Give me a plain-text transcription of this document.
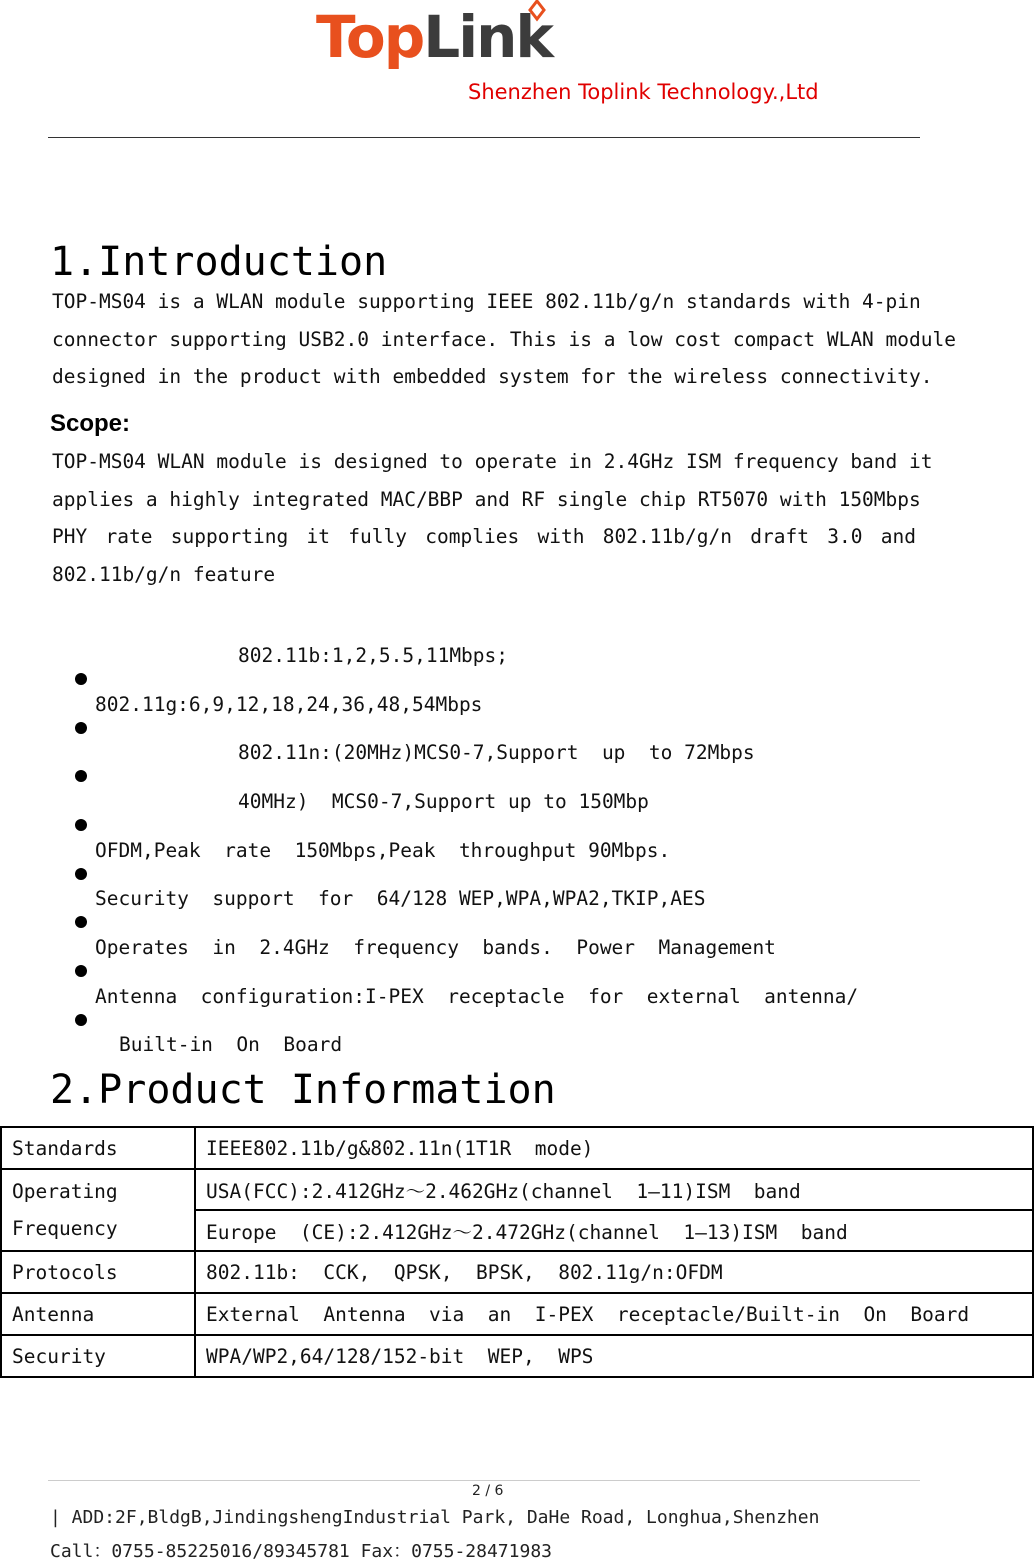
TopLink
Shenzhen Toplink Technology.,Ltd
1.Introduction
TOP-MS04 is a WLAN module supporting IEEE 802.11b/g/n standards with 4-pin
connector supporting USB2.0 interface. This is a low cost compact WLAN module
designed in the product with embedded system for the wireless connectivity.
Scope:
TOP-MS04 WLAN module is designed to operate in 2.4GHz ISM frequency band it
applies a highly integrated MAC/BBP and RF single chip RT5070 with 150Mbps
PHY rate supporting it fully complies with 802.11b/g/n draft 3.0 and
802.11b/g/n feature

802.11b:1,2,5.5,11Mbps;

802.11g:6,9,12,18,24,36,48,54Mbps

802.11n:(20MHz)MCS0-7,Support  up  to 72Mbps

40MHz)  MCS0-7,Support up to 150Mbp

OFDM,Peak  rate  150Mbps,Peak  throughput 90Mbps.

Security  support  for  64/128 WEP,WPA,WPA2,TKIP,AES

Operates  in  2.4GHz  frequency  bands.  Power  Management

Antenna  configuration:I-PEX  receptacle  for  external  antenna/

Built-in  On  Board
2.Product Information
Standards	IEEE802.11b/g&802.11n(1T1R  mode)
Operating Frequency	USA(FCC):2.412GHz～2.462GHz(channel  1–11)ISM  band
	Europe  (CE):2.412GHz～2.472GHz(channel  1–13)ISM  band
Protocols	802.11b:  CCK,  QPSK,  BPSK,  802.11g/n:OFDM
Antenna	External  Antenna  via  an  I-PEX  receptacle/Built-in  On  Board
Security	WPA/WP2,64/128/152-bit  WEP,  WPS
2 / 6
| ADD:2F,BldgB,JindingshengIndustrial Park, DaHe Road, Longhua,Shenzhen
Call：0755-85225016/89345781 Fax：0755-28471983
